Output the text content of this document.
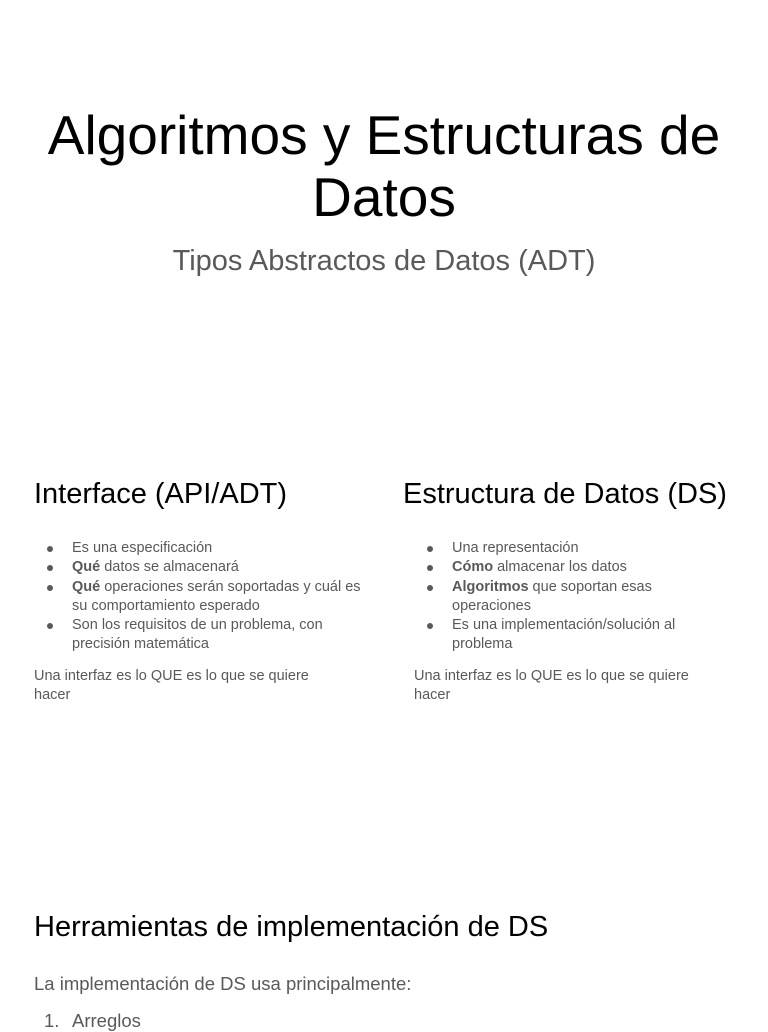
Algoritmos y Estructuras de Datos

Tipos Abstractos de Datos (ADT)

Interface (API/ADT)
Es una especificación
Qué datos se almacenará
Qué operaciones serán soportadas y cuál es su comportamiento esperado
Son los requisitos de un problema, con precisión matemática

Una interfaz es lo QUE es lo que se quiere hacer

Estructura de Datos (DS)
Una representación
Cómo almacenar los datos
Algoritmos que soportan esas operaciones
Es una implementación/solución al problema

Una interfaz es lo QUE es lo que se quiere hacer

Herramientas de implementación de DS

La implementación de DS usa principalmente:

1. Arreglos
